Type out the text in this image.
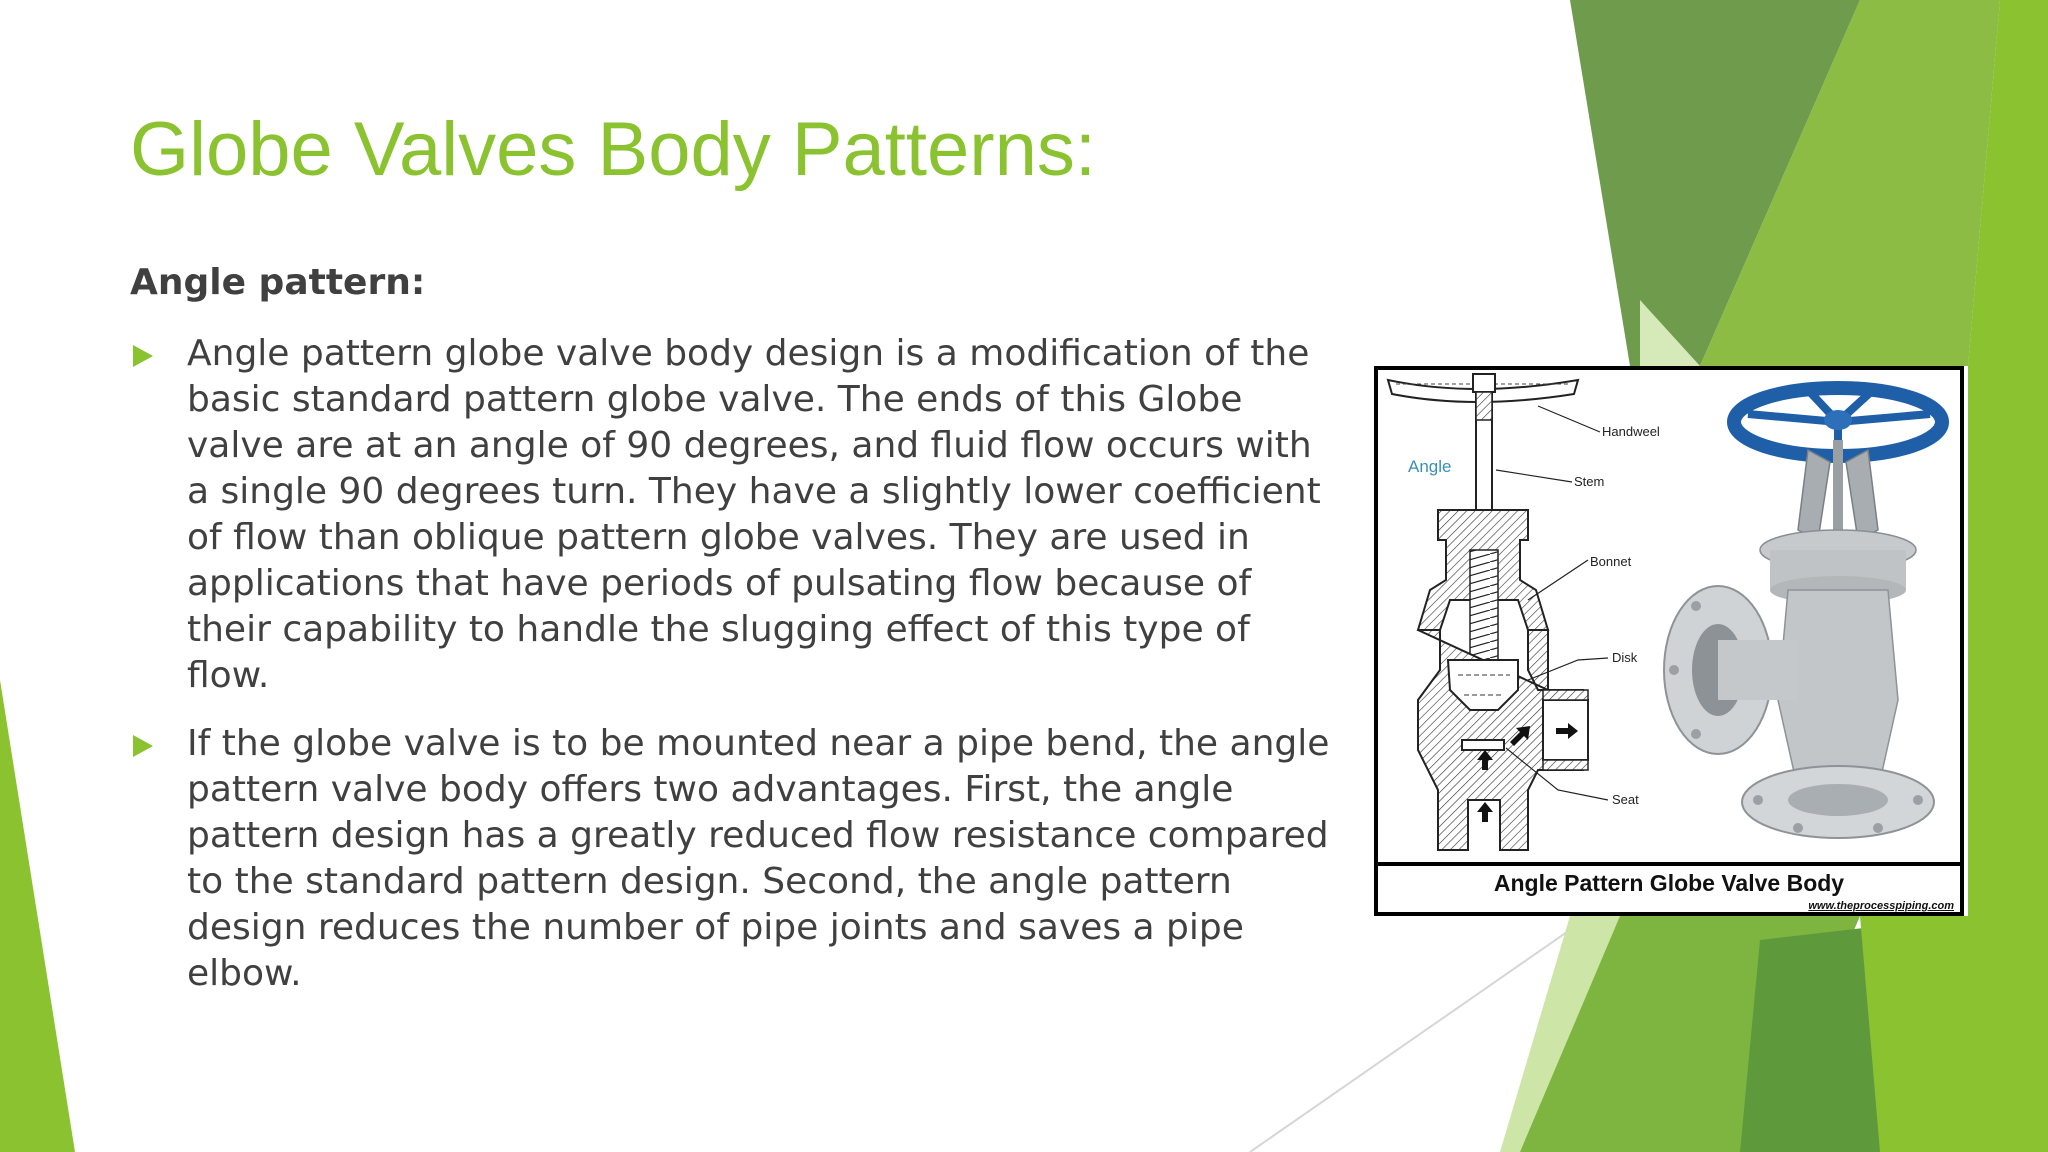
Globe Valves Body Patterns:
Angle pattern:
Angle pattern globe valve body design is a modification of the basic standard pattern globe valve. The ends of this Globe valve are at an angle of 90 degrees, and fluid flow occurs with a single 90 degrees turn. They have a slightly lower coefficient of flow than oblique pattern globe valves. They are used in applications that have periods of pulsating flow because of their capability to handle the slugging effect of this type of flow.
If the globe valve is to be mounted near a pipe bend, the angle pattern valve body offers two advantages. First, the angle pattern design has a greatly reduced flow resistance compared to the standard pattern design. Second, the angle pattern design reduces the number of pipe joints and saves a pipe elbow.
Angle
Handweel
Stem
Bonnet
Disk
Seat
Angle Pattern Globe Valve Body
www.theprocesspiping.com
